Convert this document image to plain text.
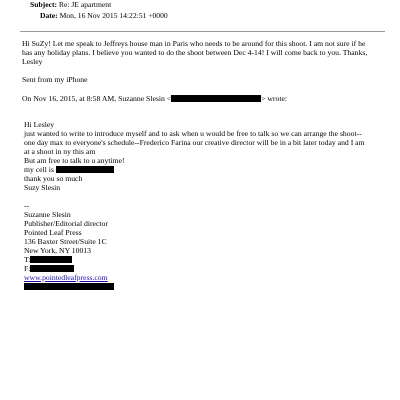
Subject: Re: JE apartment
Date: Mon, 16 Nov 2015 14:22:51 +0000
Hi SuZy! Let me speak to Jeffreys house man in Paris who needs to be around for this shoot. I am not sure if he
has any holiday plans. I believe you wanted to do the shoot between Dec 4-14! I will come back to you. Thanks,
Lesley
Sent from my iPhone
On Nov 16, 2015, at 8:58 AM, Suzanne Slesin <	> wrote:
Hi Lesley
just wanted to write to introduce myself and to ask when u would be free to talk so we can arrange the shoot--
one day max to everyone's schedule--Frederico Farina our creative director will be in a bit later today and I am
at a shoot in ny this am
But am free to talk to u anytime!
my cell is
thank you so much
Suzy Slesin
--
Suzanne Slesin
Publisher/Editorial director
Pointed Leaf Press
136 Baxter Street/Suite 1C
New York, NY 10013
T:
F:
www.pointedleafpress.com
